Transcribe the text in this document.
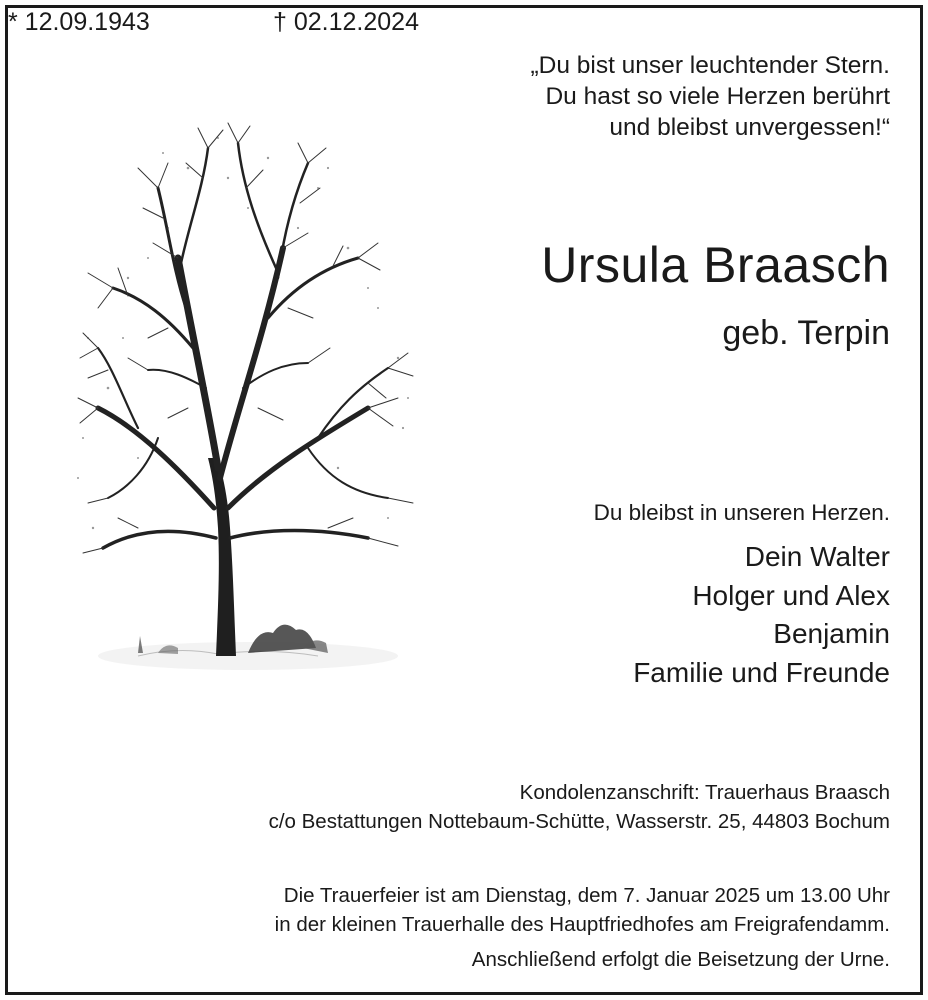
„Du bist unser leuchtender Stern.
Du hast so viele Herzen berührt
und bleibst unvergessen!“
Ursula Braasch
geb. Terpin
* 12.09.1943	† 02.12.2024
Du bleibst in unseren Herzen.
Dein Walter
Holger und Alex
Benjamin
Familie und Freunde
Kondolenzanschrift: Trauerhaus Braasch
c/o Bestattungen Nottebaum-Schütte, Wasserstr. 25, 44803 Bochum
Die Trauerfeier ist am Dienstag, dem 7. Januar 2025 um 13.00 Uhr
in der kleinen Trauerhalle des Hauptfriedhofes am Freigrafendamm.
Anschließend erfolgt die Beisetzung der Urne.
